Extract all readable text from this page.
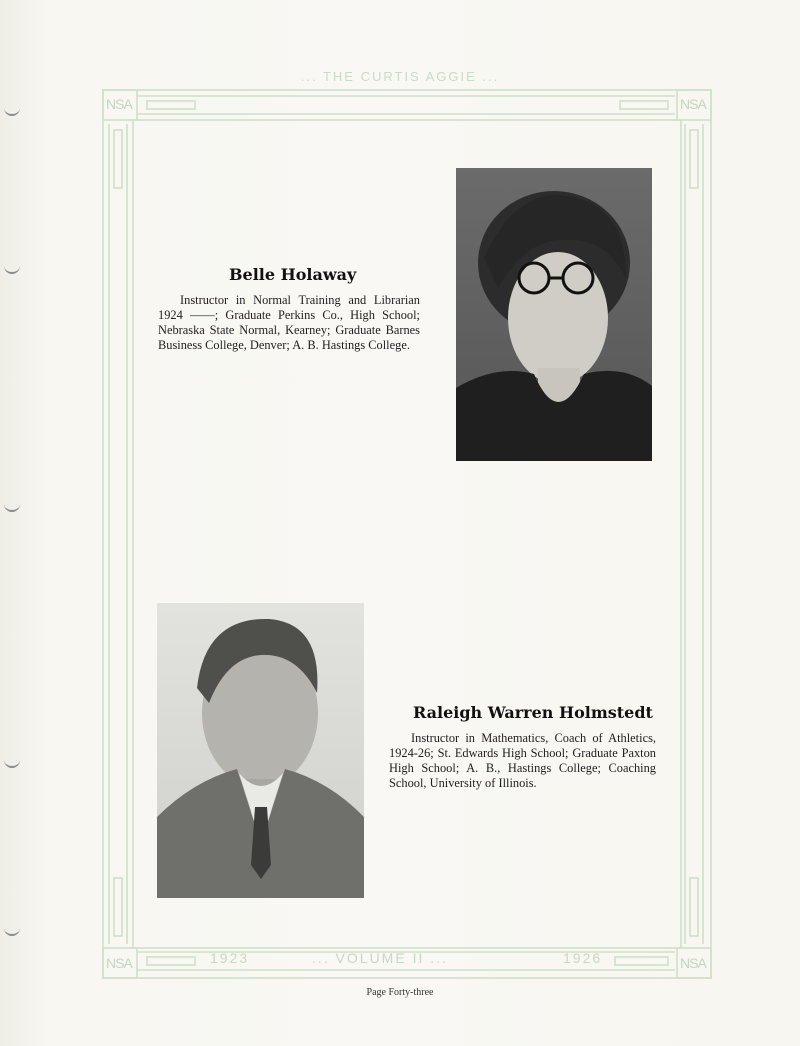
... THE CURTIS AGGIE ...
NSA	NSA
NSA	NSA
1923	... VOLUME II ...	1926
Belle Holaway

Instructor in Normal Training and Librarian 1924 ——; Graduate Perkins Co., High School; Nebraska State Normal, Kearney; Graduate Barnes Business College, Denver; A. B. Hastings College.

Raleigh Warren Holmstedt

Instructor in Mathematics, Coach of Athletics, 1924-26; St. Edwards High School; Graduate Paxton High School; A. B., Hastings College; Coaching School, University of Illinois.

Page Forty-three
